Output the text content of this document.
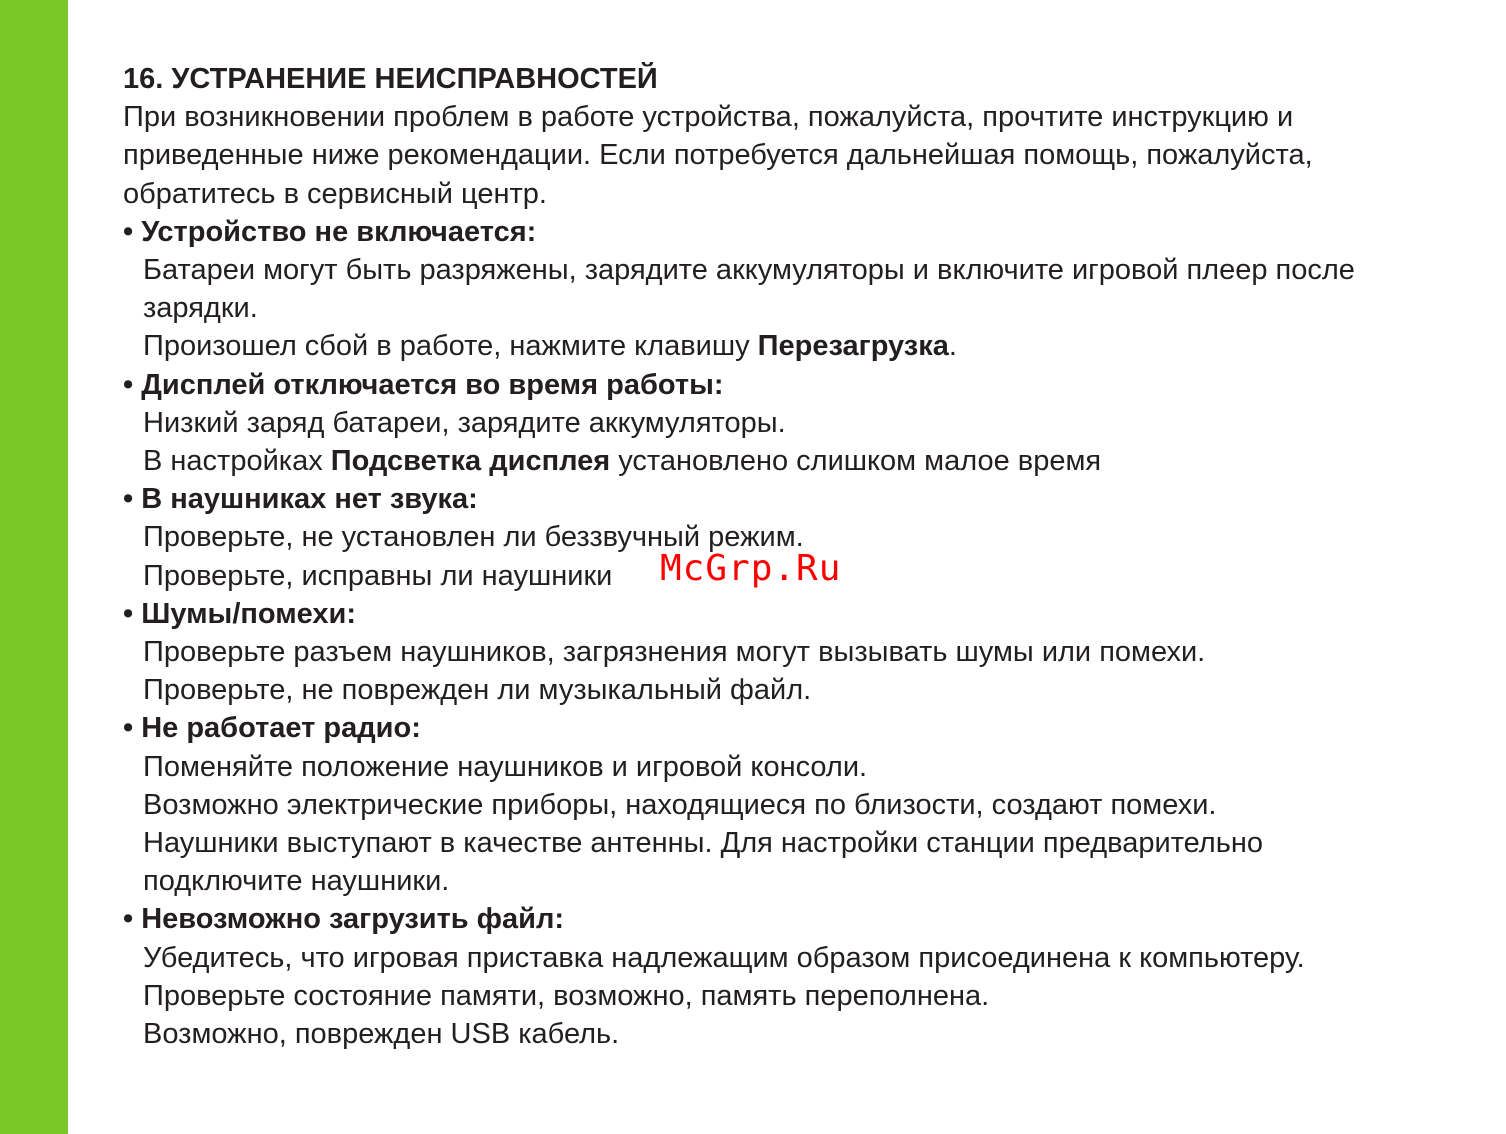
16. УСТРАНЕНИЕ НЕИСПРАВНОСТЕЙ

При возникновении проблем в работе устройства, пожалуйста, прочтите инструкцию и

приведенные ниже рекомендации. Если потребуется дальнейшая помощь, пожалуйста,

обратитесь в сервисный центр.

• Устройство не включается:

Батареи могут быть разряжены, зарядите аккумуляторы и включите игровой плеер после

зарядки.

Произошел сбой в работе, нажмите клавишу Перезагрузка.

• Дисплей отключается во время работы:

Низкий заряд батареи, зарядите аккумуляторы.

В настройках Подсветка дисплея установлено слишком малое время

• В наушниках нет звука:

Проверьте, не установлен ли беззвучный режим.

Проверьте, исправны ли наушники

• Шумы/помехи:

Проверьте разъем наушников, загрязнения могут вызывать шумы или помехи.

Проверьте, не поврежден ли музыкальный файл.

• Не работает радио:

Поменяйте положение наушников и игровой консоли.

Возможно электрические приборы, находящиеся по близости, создают помехи.

Наушники выступают в качестве антенны. Для настройки станции предварительно

подключите наушники.

• Невозможно загрузить файл:

Убедитесь, что игровая приставка надлежащим образом присоединена к компьютеру.

Проверьте состояние памяти, возможно, память переполнена.

Возможно, поврежден USB кабель.

McGrp.Ru
